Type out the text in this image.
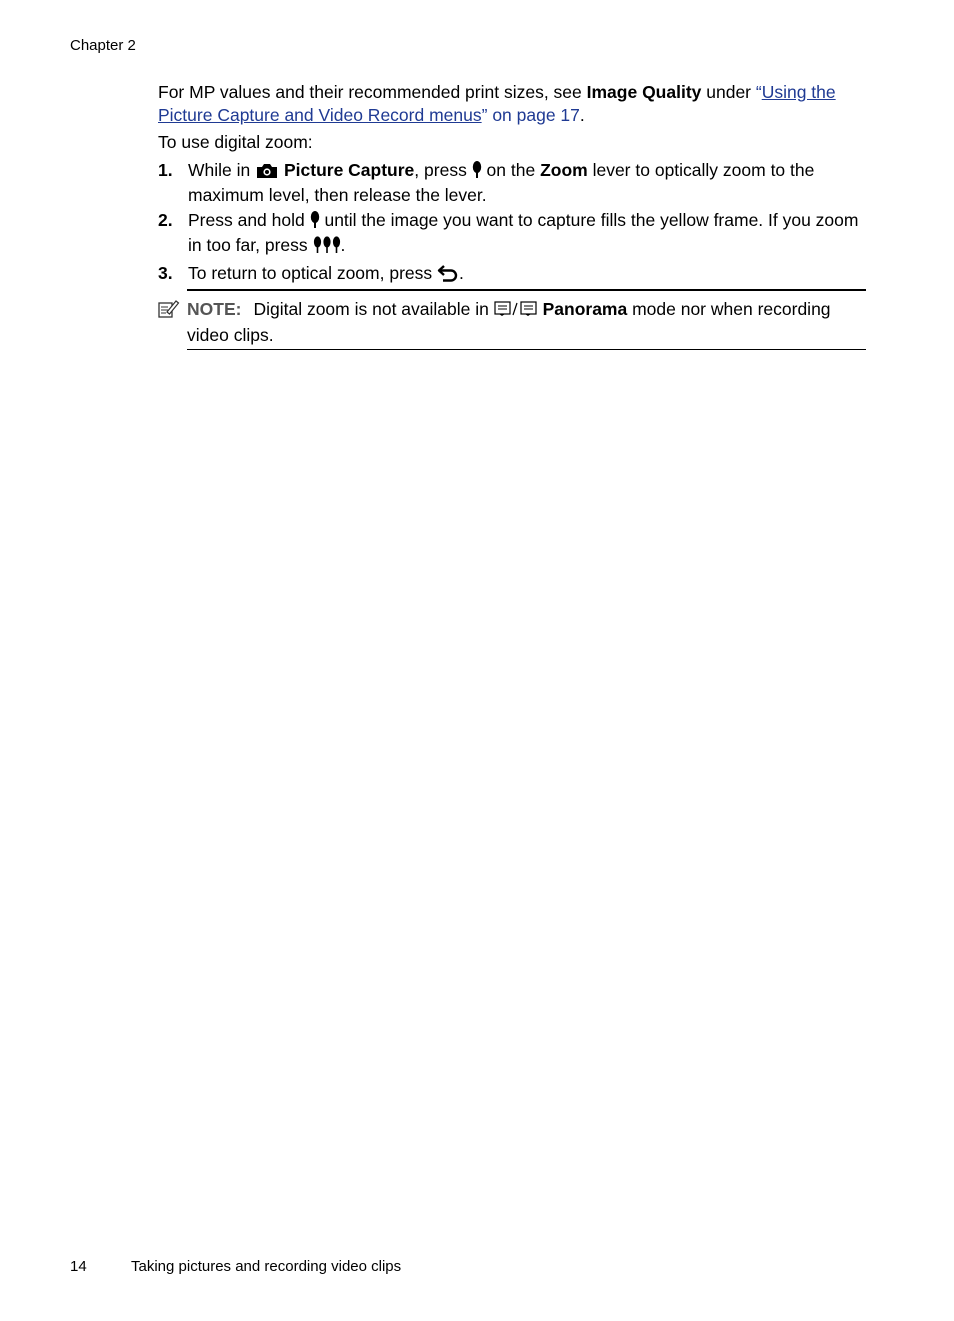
Chapter 2

For MP values and their recommended print sizes, see Image Quality under “Using the Picture Capture and Video Record menus” on page 17.

To use digital zoom:

1. While in  Picture Capture, press  on the Zoom lever to optically zoom to the maximum level, then release the lever.
2. Press and hold  until the image you want to capture fills the yellow frame. If you zoom in too far, press .
3. To return to optical zoom, press .
NOTE: Digital zoom is not available in	Panorama mode nor when recording video clips.
14	Taking pictures and recording video clips
